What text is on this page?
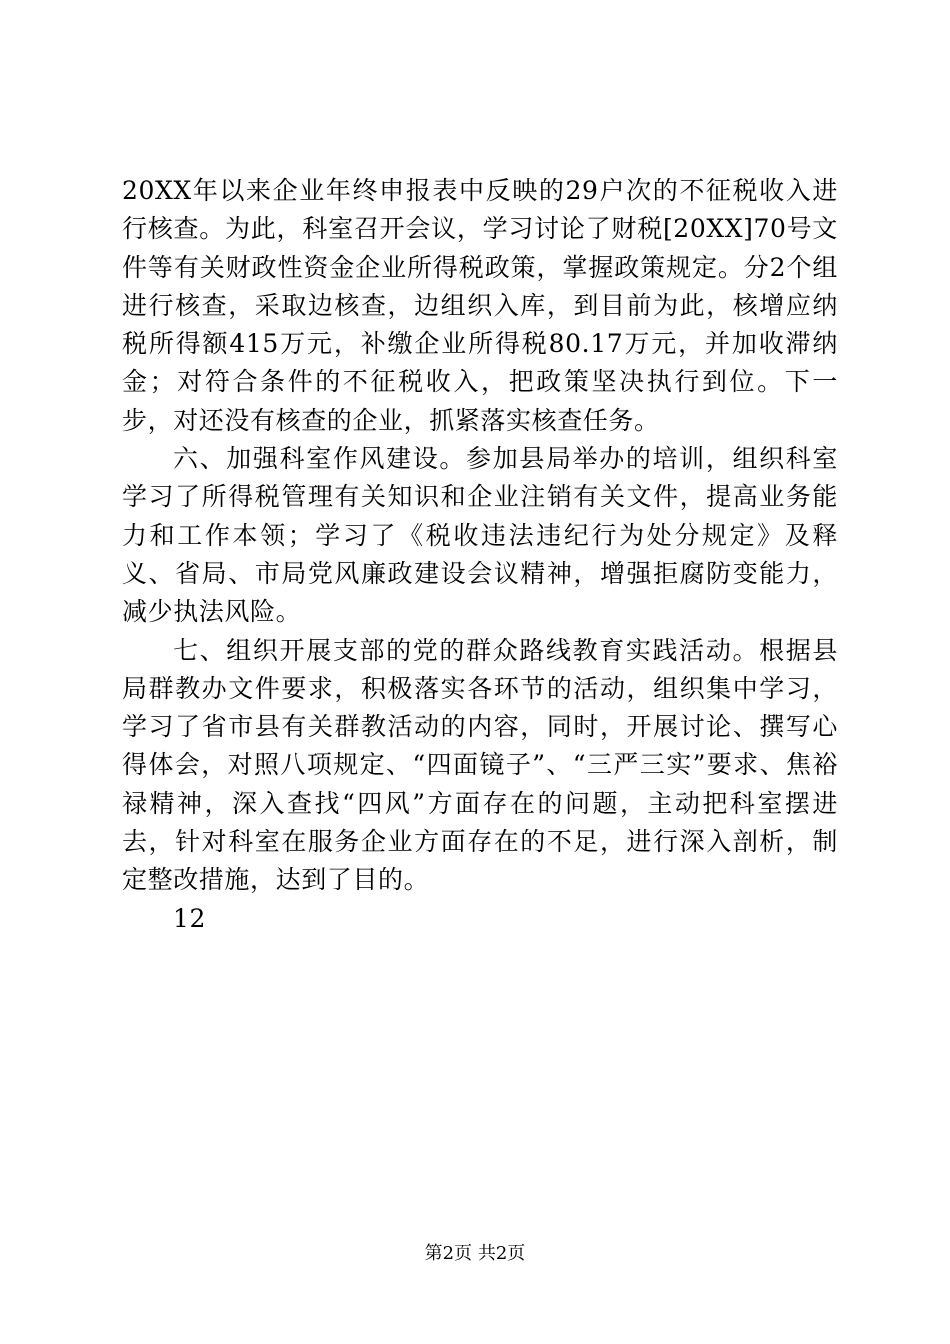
20XX年以来企业年终申报表中反映的29户次的不征税收入进行核查。为此，科室召开会议，学习讨论了财税[20XX]70号文件等有关财政性资金企业所得税政策，掌握政策规定。分2个组进行核查，采取边核查，边组织入库，到目前为此，核增应纳税所得额415万元，补缴企业所得税80.17万元，并加收滞纳金；对符合条件的不征税收入，把政策坚决执行到位。下一步，对还没有核查的企业，抓紧落实核查任务。

六、加强科室作风建设。参加县局举办的培训，组织科室学习了所得税管理有关知识和企业注销有关文件，提高业务能力和工作本领；学习了《税收违法违纪行为处分规定》及释义、省局、市局党风廉政建设会议精神，增强拒腐防变能力，减少执法风险。

七、组织开展支部的党的群众路线教育实践活动。根据县局群教办文件要求，积极落实各环节的活动，组织集中学习，学习了省市县有关群教活动的内容，同时，开展讨论、撰写心得体会，对照八项规定、“四面镜子”、“三严三实”要求、焦裕禄精神，深入查找“四风”方面存在的问题，主动把科室摆进去，针对科室在服务企业方面存在的不足，进行深入剖析，制定整改措施，达到了目的。

12

第2页 共2页
